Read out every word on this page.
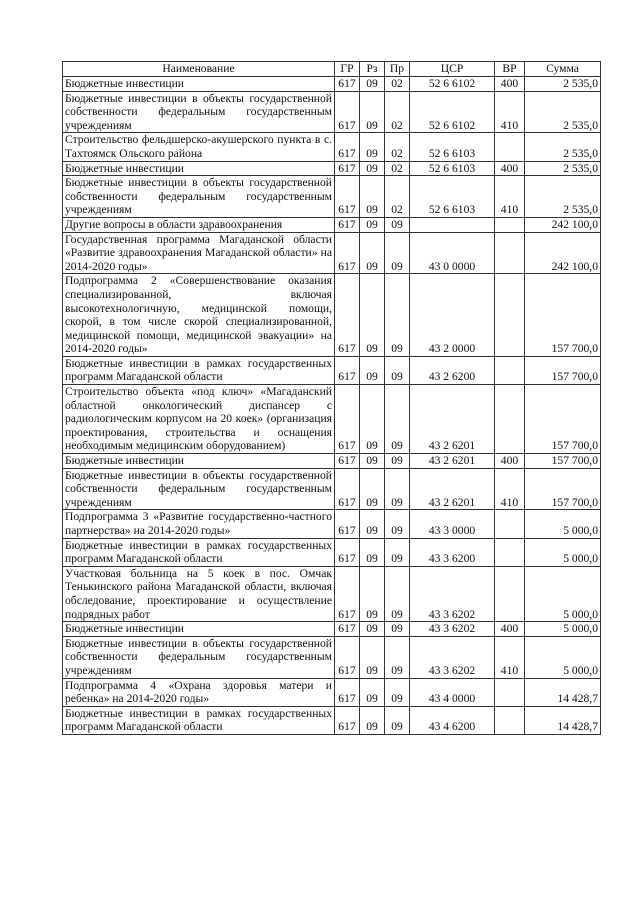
Наименование	ГР	Рз	Пр	ЦСР	ВР	Сумма
Бюджетные инвестиции	617	09	02	52 6 6102	400	2 535,0
Бюджетные инвестиции в объекты государственной собственности федеральным государственным учреждениям	617	09	02	52 6 6102	410	2 535,0
Строительство фельдшерско-акушерского пункта в с. Тахтоямск Ольского района	617	09	02	52 6 6103		2 535,0
Бюджетные инвестиции	617	09	02	52 6 6103	400	2 535,0
Бюджетные инвестиции в объекты государственной собственности федеральным государственным учреждениям	617	09	02	52 6 6103	410	2 535,0
Другие вопросы в области здравоохранения	617	09	09			242 100,0
Государственная программа Магаданской области «Развитие здравоохранения Магаданской области» на 2014-2020 годы»	617	09	09	43 0 0000		242 100,0
Подпрограмма 2 «Совершенствование оказания специализированной, включая высокотехнологичную, медицинской помощи, скорой, в том числе скорой специализированной, медицинской помощи, медицинской эвакуации» на 2014-2020 годы»	617	09	09	43 2 0000		157 700,0
Бюджетные инвестиции в рамках государственных программ Магаданской области	617	09	09	43 2 6200		157 700,0
Строительство объекта «под ключ» «Магаданский областной онкологический диспансер с радиологическим корпусом на 20 коек» (организация проектирования, строительства и оснащения необходимым медицинским оборудованием)	617	09	09	43 2 6201		157 700,0
Бюджетные инвестиции	617	09	09	43 2 6201	400	157 700,0
Бюджетные инвестиции в объекты государственной собственности федеральным государственным учреждениям	617	09	09	43 2 6201	410	157 700,0
Подпрограмма 3 «Развитие государственно-частного партнерства» на 2014-2020 годы»	617	09	09	43 3 0000		5 000,0
Бюджетные инвестиции в рамках государственных программ Магаданской области	617	09	09	43 3 6200		5 000,0
Участковая больница на 5 коек в пос. Омчак Тенькинского района Магаданской области, включая обследование, проектирование и осуществление подрядных работ	617	09	09	43 3 6202		5 000,0
Бюджетные инвестиции	617	09	09	43 3 6202	400	5 000,0
Бюджетные инвестиции в объекты государственной собственности федеральным государственным учреждениям	617	09	09	43 3 6202	410	5 000,0
Подпрограмма 4 «Охрана здоровья матери и ребенка» на 2014-2020 годы»	617	09	09	43 4 0000		14 428,7
Бюджетные инвестиции в рамках государственных программ Магаданской области	617	09	09	43 4 6200		14 428,7
